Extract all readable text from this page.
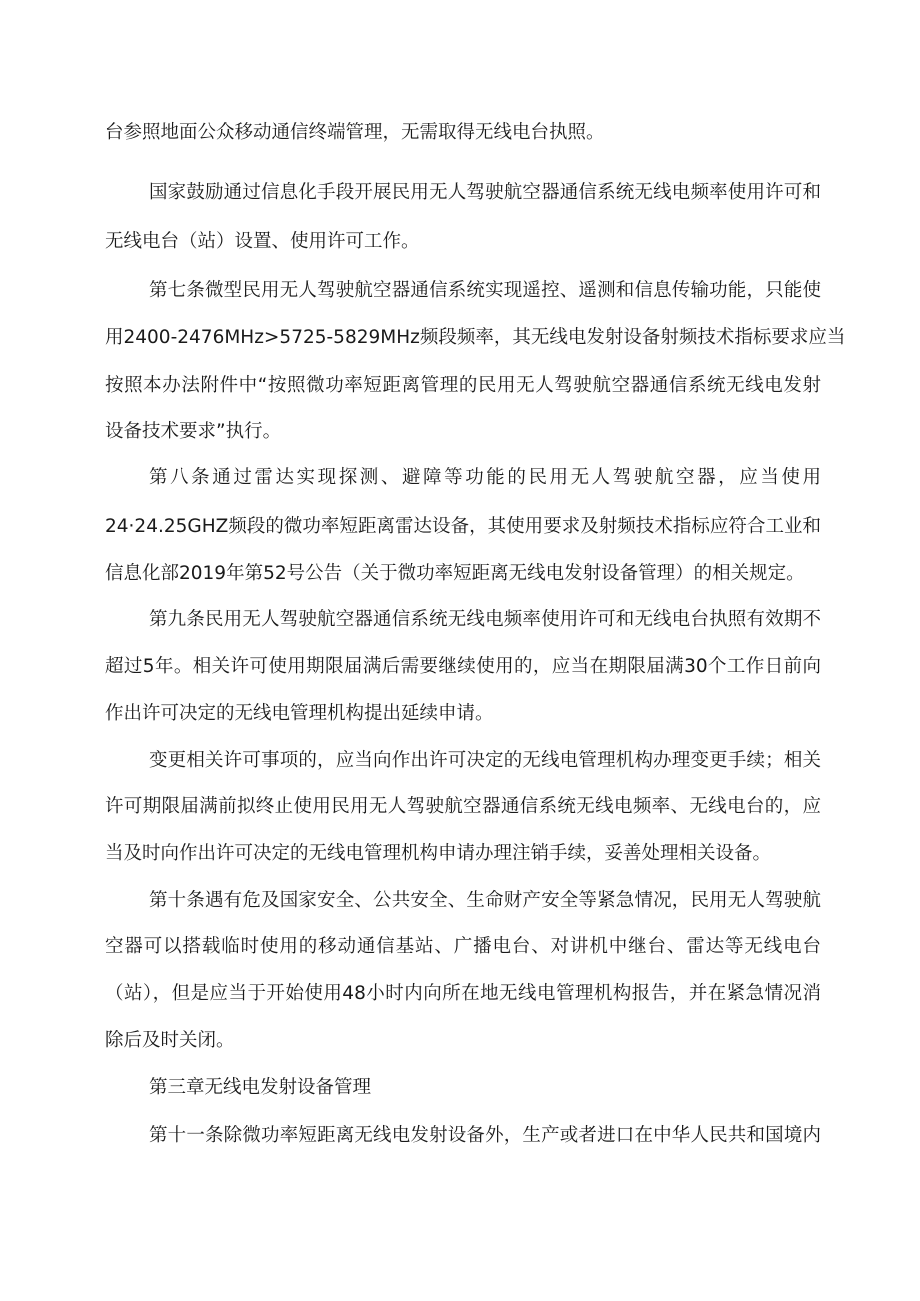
台参照地面公众移动通信终端管理，无需取得无线电台执照。
国家鼓励通过信息化手段开展民用无人驾驶航空器通信系统无线电频率使用许可和
无线电台（站）设置、使用许可工作。
第七条微型民用无人驾驶航空器通信系统实现遥控、遥测和信息传输功能，只能使
用2400-2476MHz>5725-5829MHz频段频率，其无线电发射设备射频技术指标要求应当
按照本办法附件中“按照微功率短距离管理的民用无人驾驶航空器通信系统无线电发射
设备技术要求”执行。
第八条通过雷达实现探测、避障等功能的民用无人驾驶航空器，应当使用
24·24.25GHZ频段的微功率短距离雷达设备，其使用要求及射频技术指标应符合工业和
信息化部2019年第52号公告（关于微功率短距离无线电发射设备管理）的相关规定。
第九条民用无人驾驶航空器通信系统无线电频率使用许可和无线电台执照有效期不
超过5年。相关许可使用期限届满后需要继续使用的，应当在期限届满30个工作日前向
作出许可决定的无线电管理机构提出延续申请。
变更相关许可事项的，应当向作出许可决定的无线电管理机构办理变更手续；相关
许可期限届满前拟终止使用民用无人驾驶航空器通信系统无线电频率、无线电台的，应
当及时向作出许可决定的无线电管理机构申请办理注销手续，妥善处理相关设备。
第十条遇有危及国家安全、公共安全、生命财产安全等紧急情况，民用无人驾驶航
空器可以搭载临时使用的移动通信基站、广播电台、对讲机中继台、雷达等无线电台
（站），但是应当于开始使用48小时内向所在地无线电管理机构报告，并在紧急情况消
除后及时关闭。
第三章无线电发射设备管理
第十一条除微功率短距离无线电发射设备外，生产或者进口在中华人民共和国境内
